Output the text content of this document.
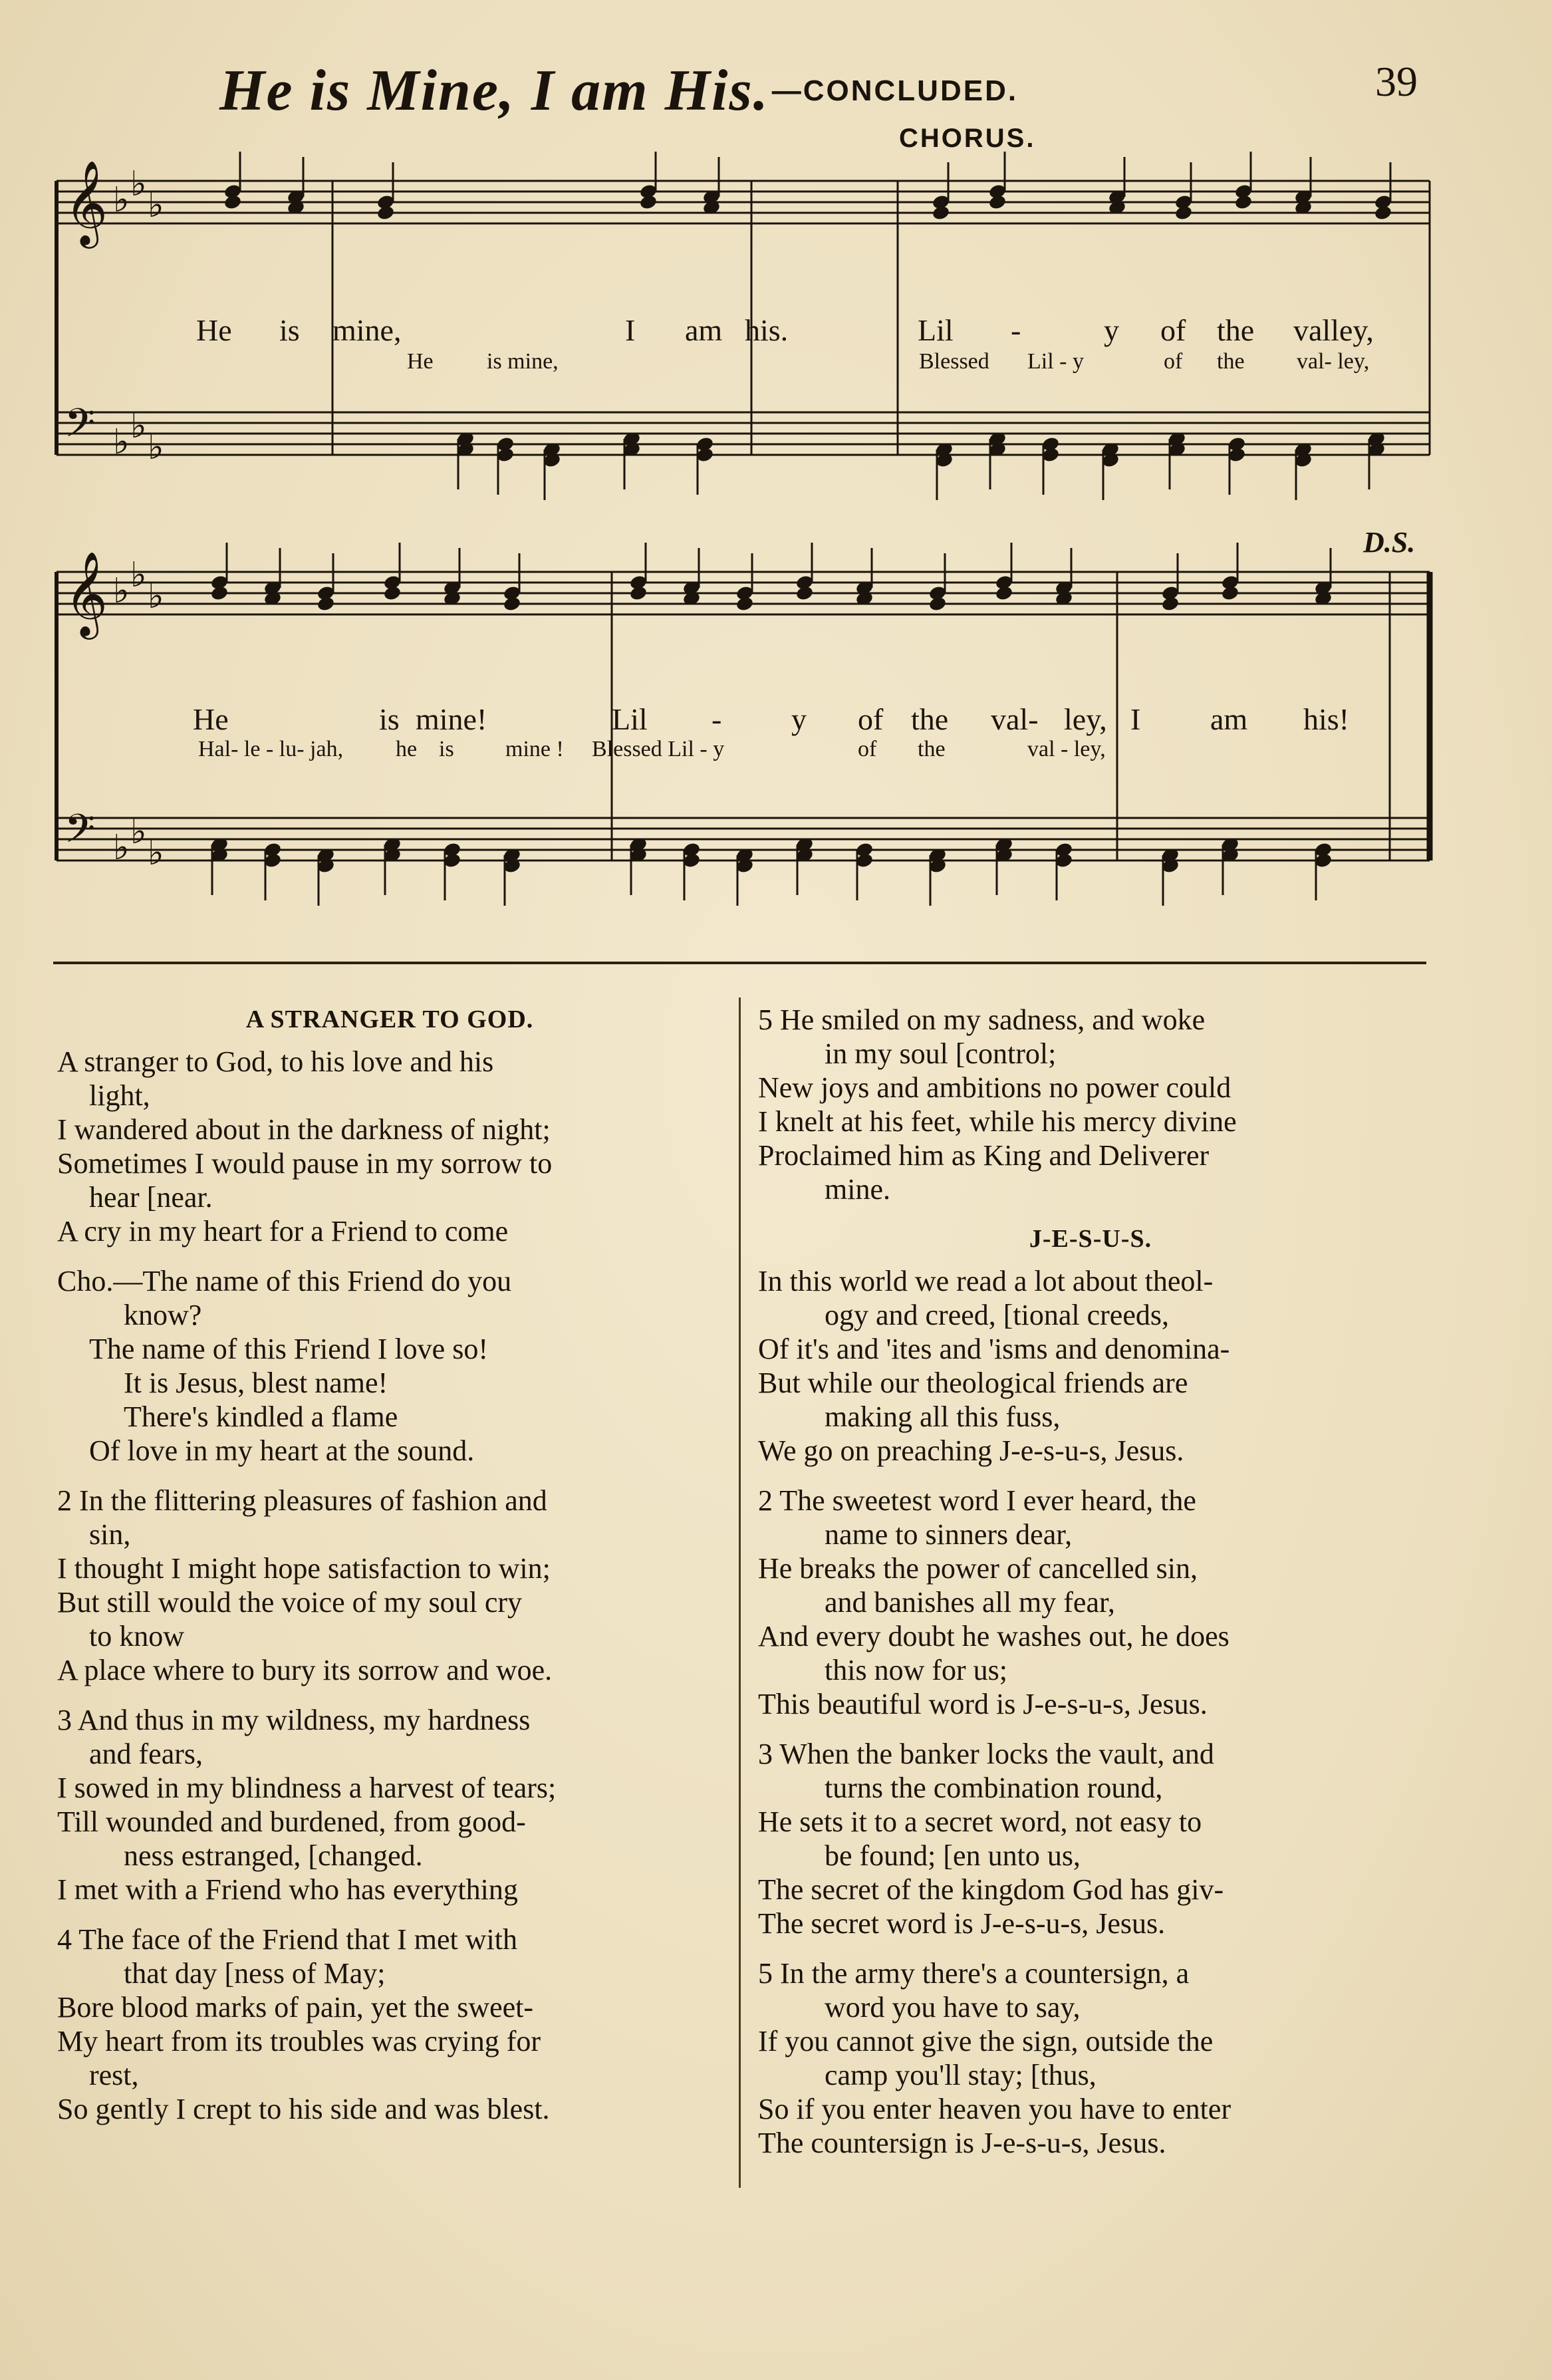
He is Mine, I am His.$^{—CONCLUDED.}$	39
CHORUS.
D.S.
𝄞 ♭ ♭
♭
𝄢 ♭ ♭
♭
𝄞 ♭ ♭
♭
𝄢 ♭ ♭
♭
He is mine,	I am his.	Lil -	y of the valley,
He is mine,	Blessed Lil - y	of the val- ley,
He	is mine!	Lil - y of the val- ley, I am his!
Hal- le - lu- jah, he is mine ! Blessed Lil - y	of the	val - ley,

A STRANGER TO GOD.

A stranger to God, to his love and his

light,

I wandered about in the darkness of night;

Sometimes I would pause in my sorrow to

hear [near.

A cry in my heart for a Friend to come

Cho.—The name of this Friend do you

know?

The name of this Friend I love so!

It is Jesus, blest name!

There's kindled a flame

Of love in my heart at the sound.

2 In the flittering pleasures of fashion and

sin,

I thought I might hope satisfaction to win;

But still would the voice of my soul cry

to know

A place where to bury its sorrow and woe.

3 And thus in my wildness, my hardness

and fears,

I sowed in my blindness a harvest of tears;

Till wounded and burdened, from good-

ness estranged, [changed.

I met with a Friend who has everything

4 The face of the Friend that I met with

that day [ness of May;

Bore blood marks of pain, yet the sweet-

My heart from its troubles was crying for

rest,

So gently I crept to his side and was blest.

5 He smiled on my sadness, and woke

in my soul [control;

New joys and ambitions no power could

I knelt at his feet, while his mercy divine

Proclaimed him as King and Deliverer

mine.

J-E-S-U-S.

In this world we read a lot about theol-

ogy and creed, [tional creeds,

Of it's and 'ites and 'isms and denomina-

But while our theological friends are

making all this fuss,

We go on preaching J-e-s-u-s, Jesus.

2 The sweetest word I ever heard, the

name to sinners dear,

He breaks the power of cancelled sin,

and banishes all my fear,

And every doubt he washes out, he does

this now for us;

This beautiful word is J-e-s-u-s, Jesus.

3 When the banker locks the vault, and

turns the combination round,

He sets it to a secret word, not easy to

be found; [en unto us,

The secret of the kingdom God has giv-

The secret word is J-e-s-u-s, Jesus.

5 In the army there's a countersign, a

word you have to say,

If you cannot give the sign, outside the

camp you'll stay; [thus,

So if you enter heaven you have to enter

The countersign is J-e-s-u-s, Jesus.
